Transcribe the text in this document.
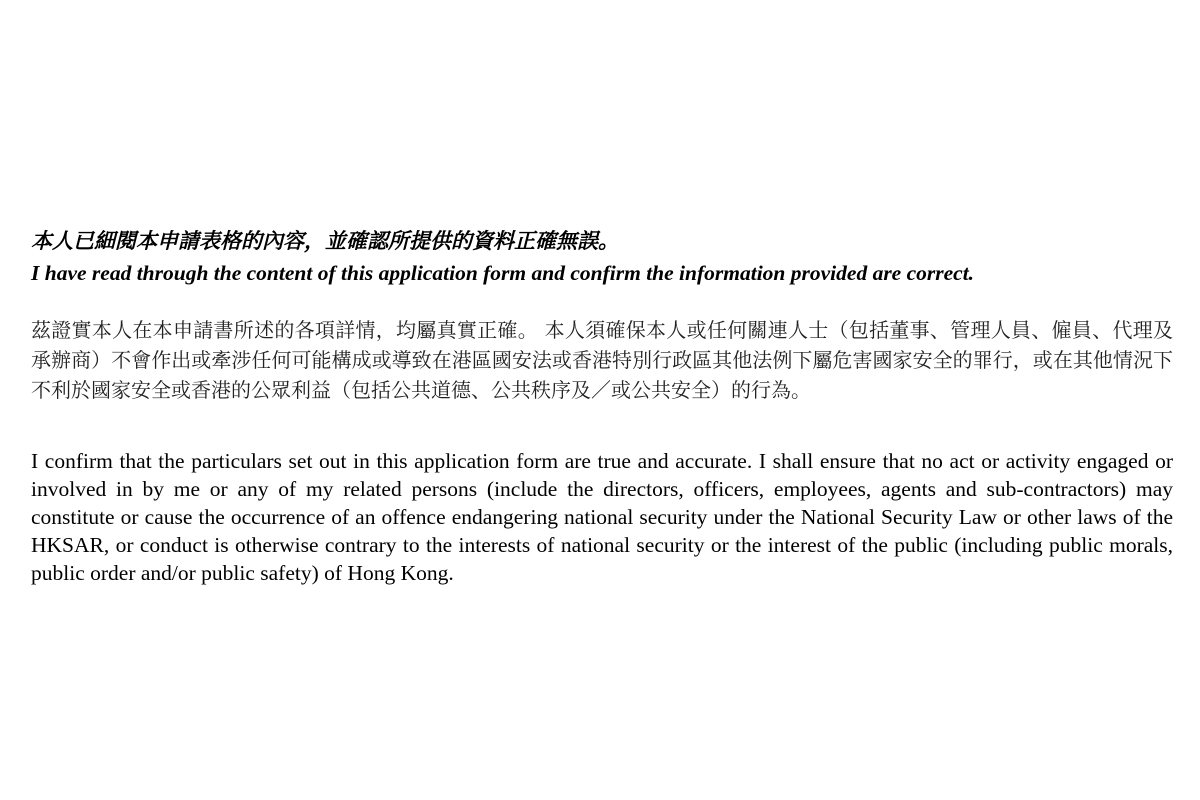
本人已細閱本申請表格的內容，並確認所提供的資料正確無誤。

I have read through the content of this application form and confirm the information provided are correct.

茲證實本人在本申請書所述的各項詳情，均屬真實正確。 本人須確保本人或任何關連人士（包括董事、管理人員、僱員、代理及承辦商）不會作出或牽涉任何可能構成或導致在港區國安法或香港特別行政區其他法例下屬危害國家安全的罪行，或在其他情況下不利於國家安全或香港的公眾利益（包括公共道德、公共秩序及／或公共安全）的行為。

I confirm that the particulars set out in this application form are true and accurate. I shall ensure that no act or activity engaged or involved in by me or any of my related persons (include the directors, officers, employees, agents and sub-contractors) may constitute or cause the occurrence of an offence endangering national security under the National Security Law or other laws of the HKSAR, or conduct is otherwise contrary to the interests of national security or the interest of the public (including public morals, public order and/or public safety) of Hong Kong.
